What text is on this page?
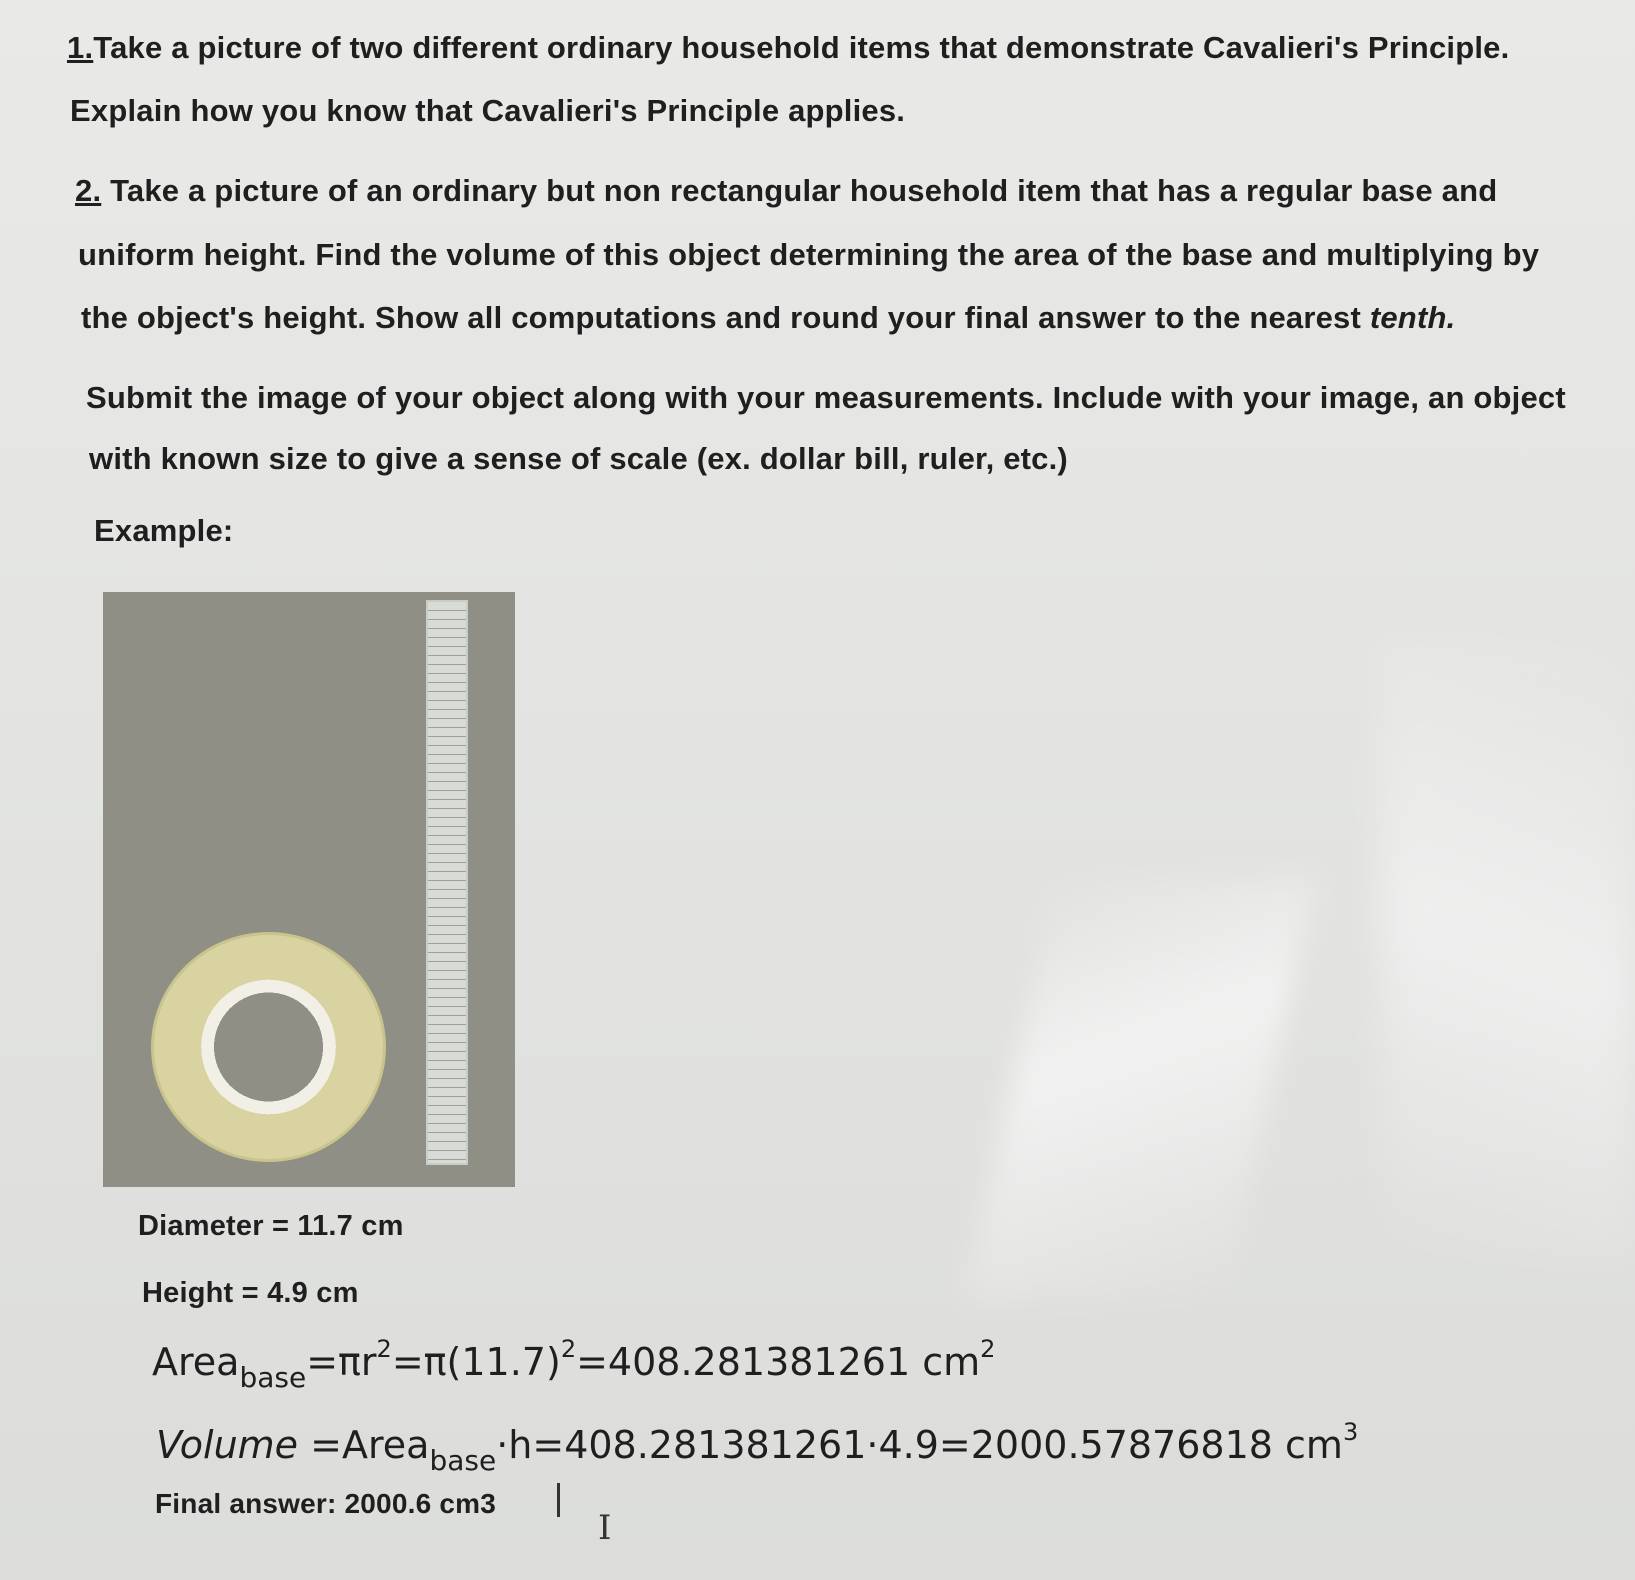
1.Take a picture of two different ordinary household items that demonstrate Cavalieri's Principle.
Explain how you know that Cavalieri's Principle applies.
2. Take a picture of an ordinary but non rectangular household item that has a regular base and
uniform height. Find the volume of this object determining the area of the base and multiplying by
the object's height. Show all computations and round your final answer to the nearest tenth.
Submit the image of your object along with your measurements. Include with your image, an object
with known size to give a sense of scale (ex. dollar bill, ruler, etc.)
Example:
Diameter = 11.7 cm
Height = 4.9 cm
$Area_{base}=\pi r^2=\pi(11.7)^2=408.281381261$ $cm^2$
Volume =Area$_{base}$·h=408.281381261·4.9=2000.57876818 $cm^3$
Final answer: 2000.6 cm3
I
